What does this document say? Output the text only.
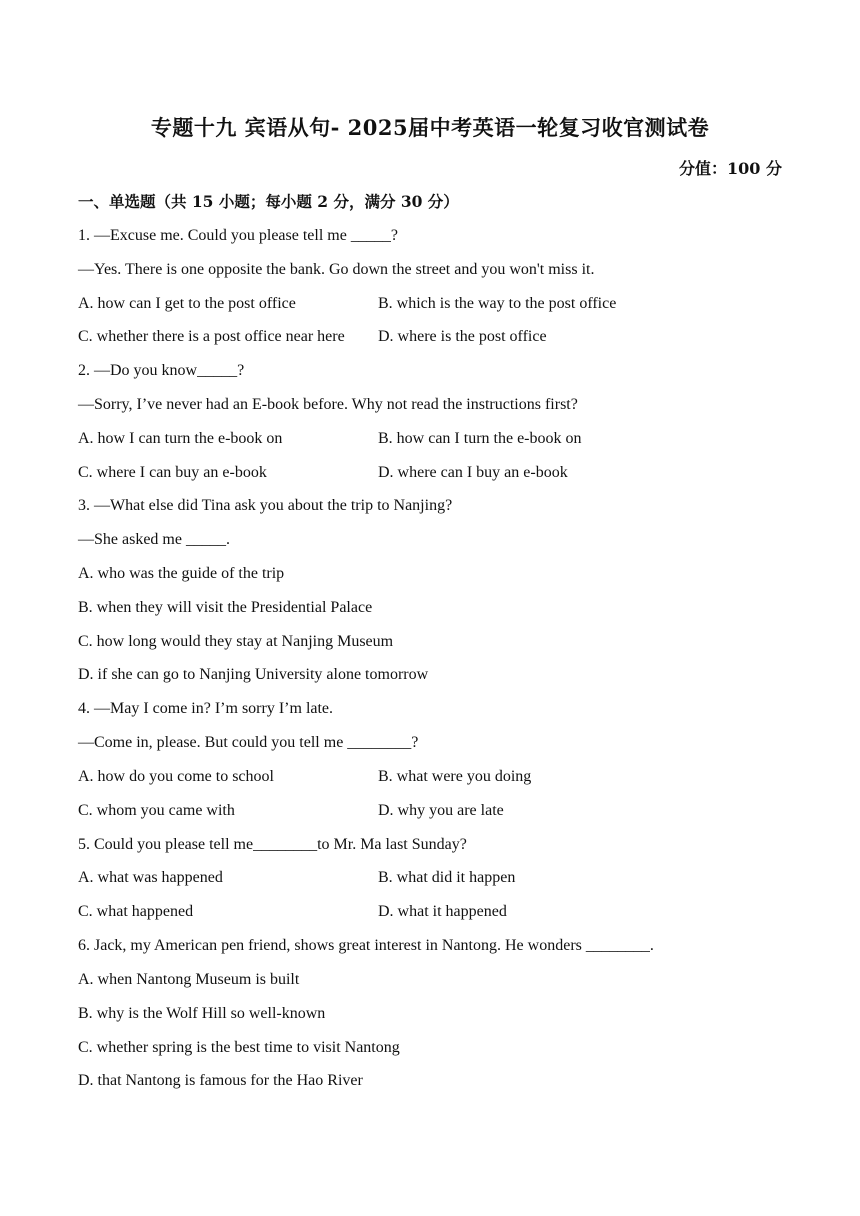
专题十九 宾语从句- 2025届中考英语一轮复习收官测试卷
分值：100 分
一、单选题（共 15 小题；每小题 2 分，满分 30 分）
1. —Excuse me. Could you please tell me _____?
—Yes. There is one opposite the bank. Go down the street and you won't miss it.
A. how can I get to the post office	B. which is the way to the post office
C. whether there is a post office near here D. where is the post office
2. —Do you know_____?
—Sorry, I’ve never had an E-book before. Why not read the instructions first?
A. how I can turn the e-book on	B. how can I turn the e-book on
C. where I can buy an e-book	D. where can I buy an e-book
3. —What else did Tina ask you about the trip to Nanjing?
—She asked me _____.
A. who was the guide of the trip
B. when they will visit the Presidential Palace
C. how long would they stay at Nanjing Museum
D. if she can go to Nanjing University alone tomorrow
4. —May I come in? I’m sorry I’m late.
—Come in, please. But could you tell me ________?
A. how do you come to school	B. what were you doing
C. whom you came with	D. why you are late
5. Could you please tell me________to Mr. Ma last Sunday?
A. what was happened	B. what did it happen
C. what happened	D. what it happened
6. Jack, my American pen friend, shows great interest in Nantong. He wonders ________.
A. when Nantong Museum is built
B. why is the Wolf Hill so well-known
C. whether spring is the best time to visit Nantong
D. that Nantong is famous for the Hao River
